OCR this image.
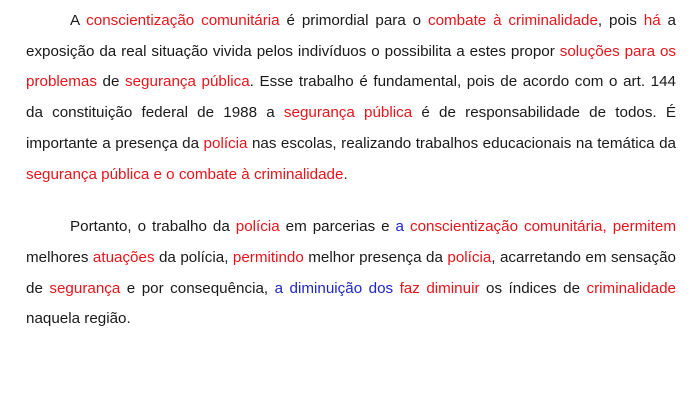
A conscientização comunitária é primordial para o combate à criminalidade, pois há a exposição da real situação vivida pelos indivíduos o possibilita a estes propor soluções para os problemas de segurança pública. Esse trabalho é fundamental, pois de acordo com o art. 144 da constituição federal de 1988 a segurança pública é de responsabilidade de todos. É importante a presença da polícia nas escolas, realizando trabalhos educacionais na temática da segurança pública e o combate à criminalidade.

Portanto, o trabalho da polícia em parcerias e a conscientização comunitária, permitem melhores atuações da polícia, permitindo melhor presença da polícia, acarretando em sensação de segurança e por consequência, a diminuição dos faz diminuir os índices de criminalidade naquela região.
